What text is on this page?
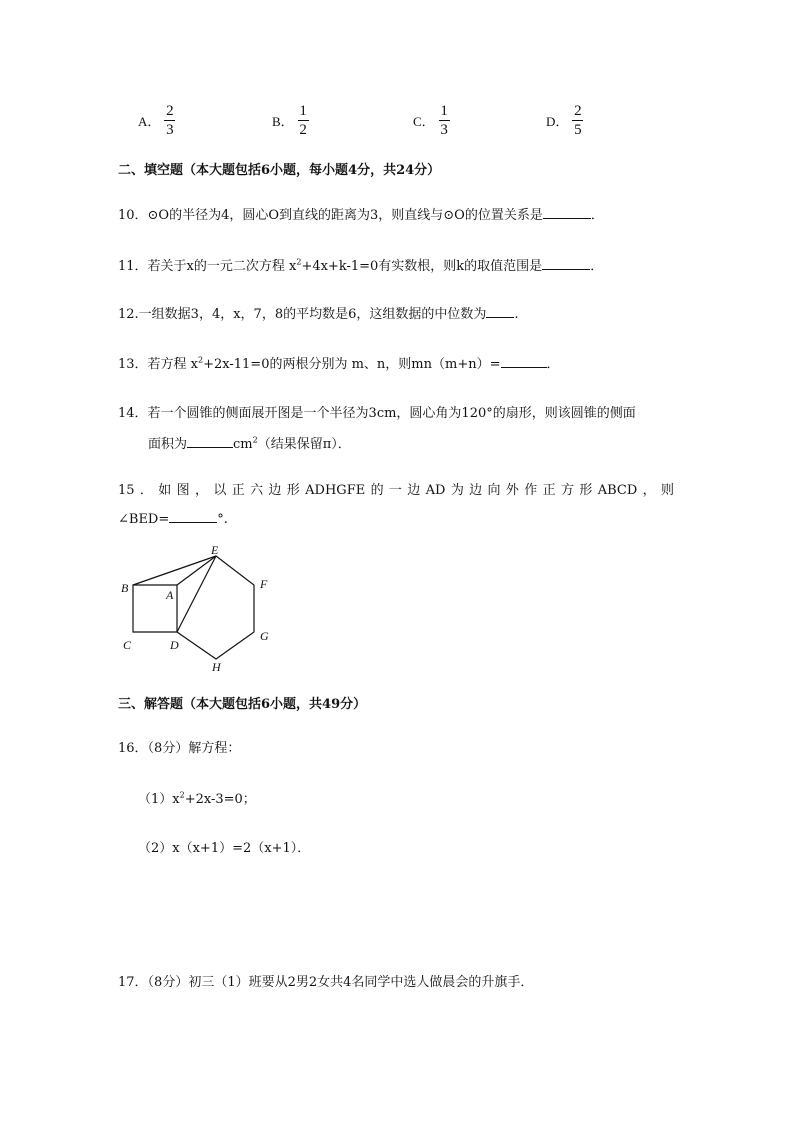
A． $\frac{2}{3}$	B． $\frac{1}{2}$	C． $\frac{1}{3}$	D． $\frac{2}{5}$
二、填空题（本大题包括6小题，每小题4分，共24分）
10．⊙O的半径为4，圆心O到直线的距离为3，则直线与⊙O的位置关系是	．
11．若关于x的一元二次方程 $x^2+4x+k-1=0$有实数根，则k的取值范围是	．
12.一组数据3，4，x，7，8的平均数是6，这组数据的中位数为 .
13．若方程 $x^2+2x-11=0$的两根分别为 m、n，则mn（m+n）=	．
14．若一个圆锥的侧面展开图是一个半径为3cm，圆心角为120°的扇形，则该圆锥的侧面
面积为	$cm^2$（结果保留π）．
15．如图，以正六边形ADHGFE的一边AD为边向外作正方形ABCD，则
∠BED=	°.
E
F
B	A
C	D
G
H
三、解答题（本大题包括6小题，共49分）
16．（8分）解方程：
$(1)x^2+2x-3=0$；
（2）x（x+1）=2（x+1）．
17．（8分）初三（1）班要从2男2女共4名同学中选人做晨会的升旗手．
